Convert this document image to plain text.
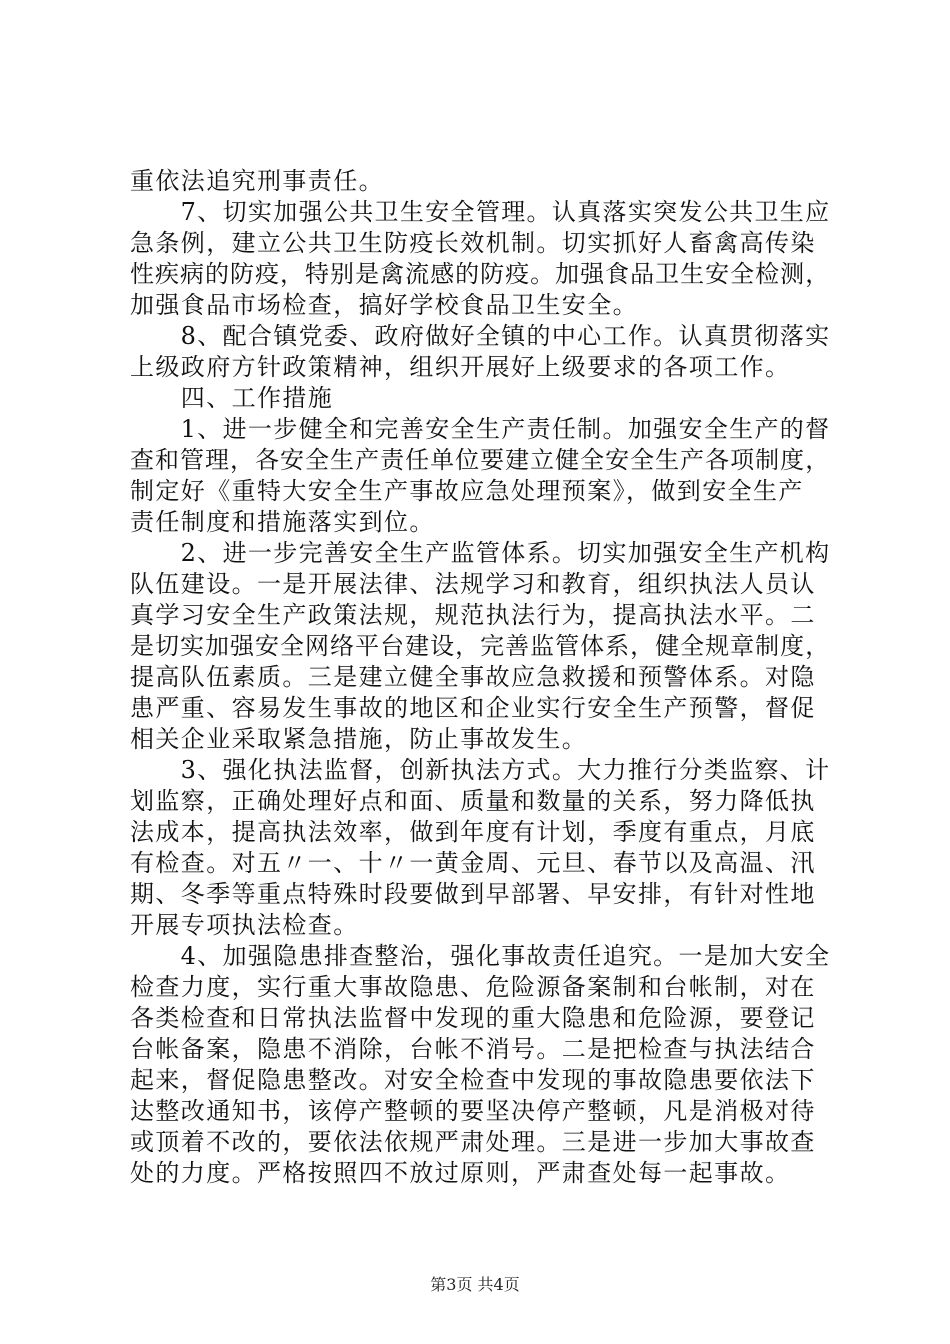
重依法追究刑事责任。
　　7、切实加强公共卫生安全管理。认真落实突发公共卫生应
急条例，建立公共卫生防疫长效机制。切实抓好人畜禽高传染
性疾病的防疫，特别是禽流感的防疫。加强食品卫生安全检测，
加强食品市场检查，搞好学校食品卫生安全。
　　8、配合镇党委、政府做好全镇的中心工作。认真贯彻落实
上级政府方针政策精神，组织开展好上级要求的各项工作。
　　四、工作措施
　　1、进一步健全和完善安全生产责任制。加强安全生产的督
查和管理，各安全生产责任单位要建立健全安全生产各项制度，
制定好《重特大安全生产事故应急处理预案》，做到安全生产
责任制度和措施落实到位。
　　2、进一步完善安全生产监管体系。切实加强安全生产机构
队伍建设。一是开展法律、法规学习和教育，组织执法人员认
真学习安全生产政策法规，规范执法行为，提高执法水平。二
是切实加强安全网络平台建设，完善监管体系，健全规章制度，
提高队伍素质。三是建立健全事故应急救援和预警体系。对隐
患严重、容易发生事故的地区和企业实行安全生产预警，督促
相关企业采取紧急措施，防止事故发生。
　　3、强化执法监督，创新执法方式。大力推行分类监察、计
划监察，正确处理好点和面、质量和数量的关系，努力降低执
法成本，提高执法效率，做到年度有计划，季度有重点，月底
有检查。对五〃一、十〃一黄金周、元旦、春节以及高温、汛
期、冬季等重点特殊时段要做到早部署、早安排，有针对性地
开展专项执法检查。
　　4、加强隐患排查整治，强化事故责任追究。一是加大安全
检查力度，实行重大事故隐患、危险源备案制和台帐制，对在
各类检查和日常执法监督中发现的重大隐患和危险源，要登记
台帐备案，隐患不消除，台帐不消号。二是把检查与执法结合
起来，督促隐患整改。对安全检查中发现的事故隐患要依法下
达整改通知书，该停产整顿的要坚决停产整顿，凡是消极对待
或顶着不改的，要依法依规严肃处理。三是进一步加大事故查
处的力度。严格按照四不放过原则，严肃查处每一起事故。
第3页 共4页
